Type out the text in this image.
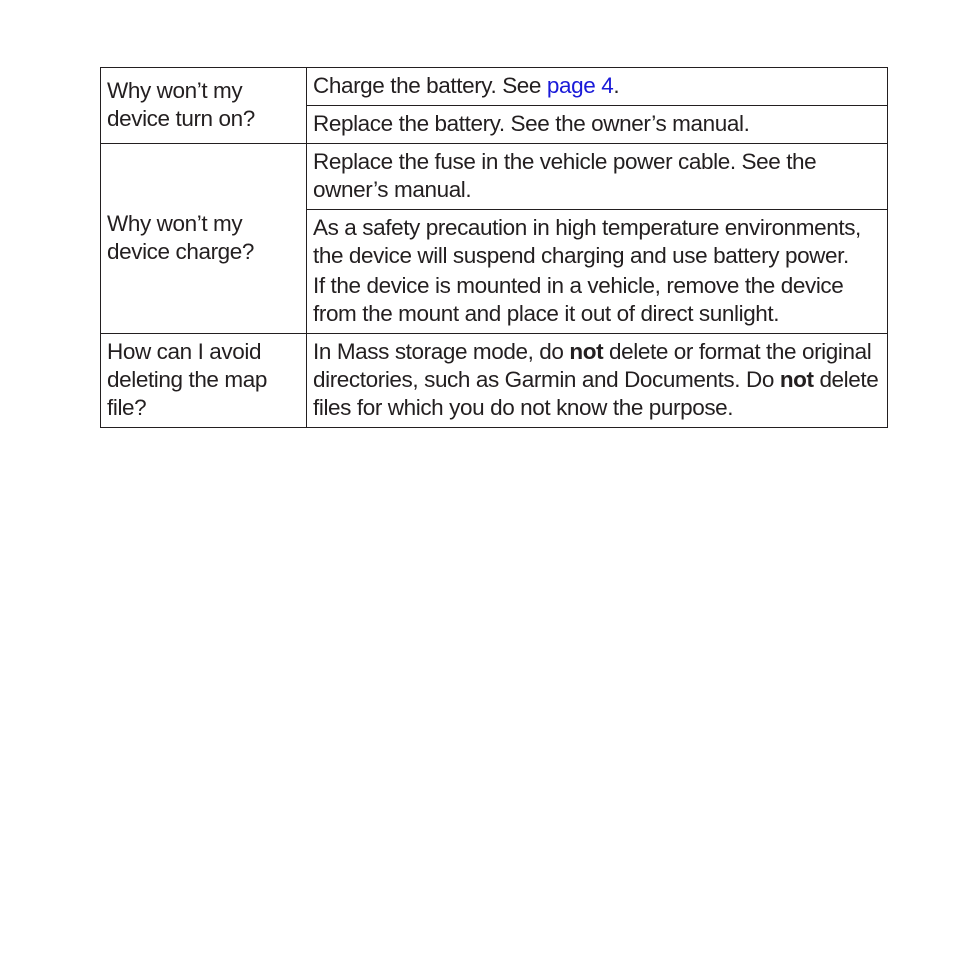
Why won’t my device turn on?	Charge the battery. See page 4.
	Replace the battery. See the owner’s manual.
Why won’t my device charge?	Replace the fuse in the vehicle power cable. See the owner’s manual.

	As a safety precaution in high temperature environments, the device will suspend charging and use battery power.
If the device is mounted in a vehicle, remove the device from the mount and place it out of direct sunlight.

How can I avoid deleting the map file?	In Mass storage mode, do not delete or format the original directories, such as Garmin and Documents. Do not delete files for which you do not know the purpose.
